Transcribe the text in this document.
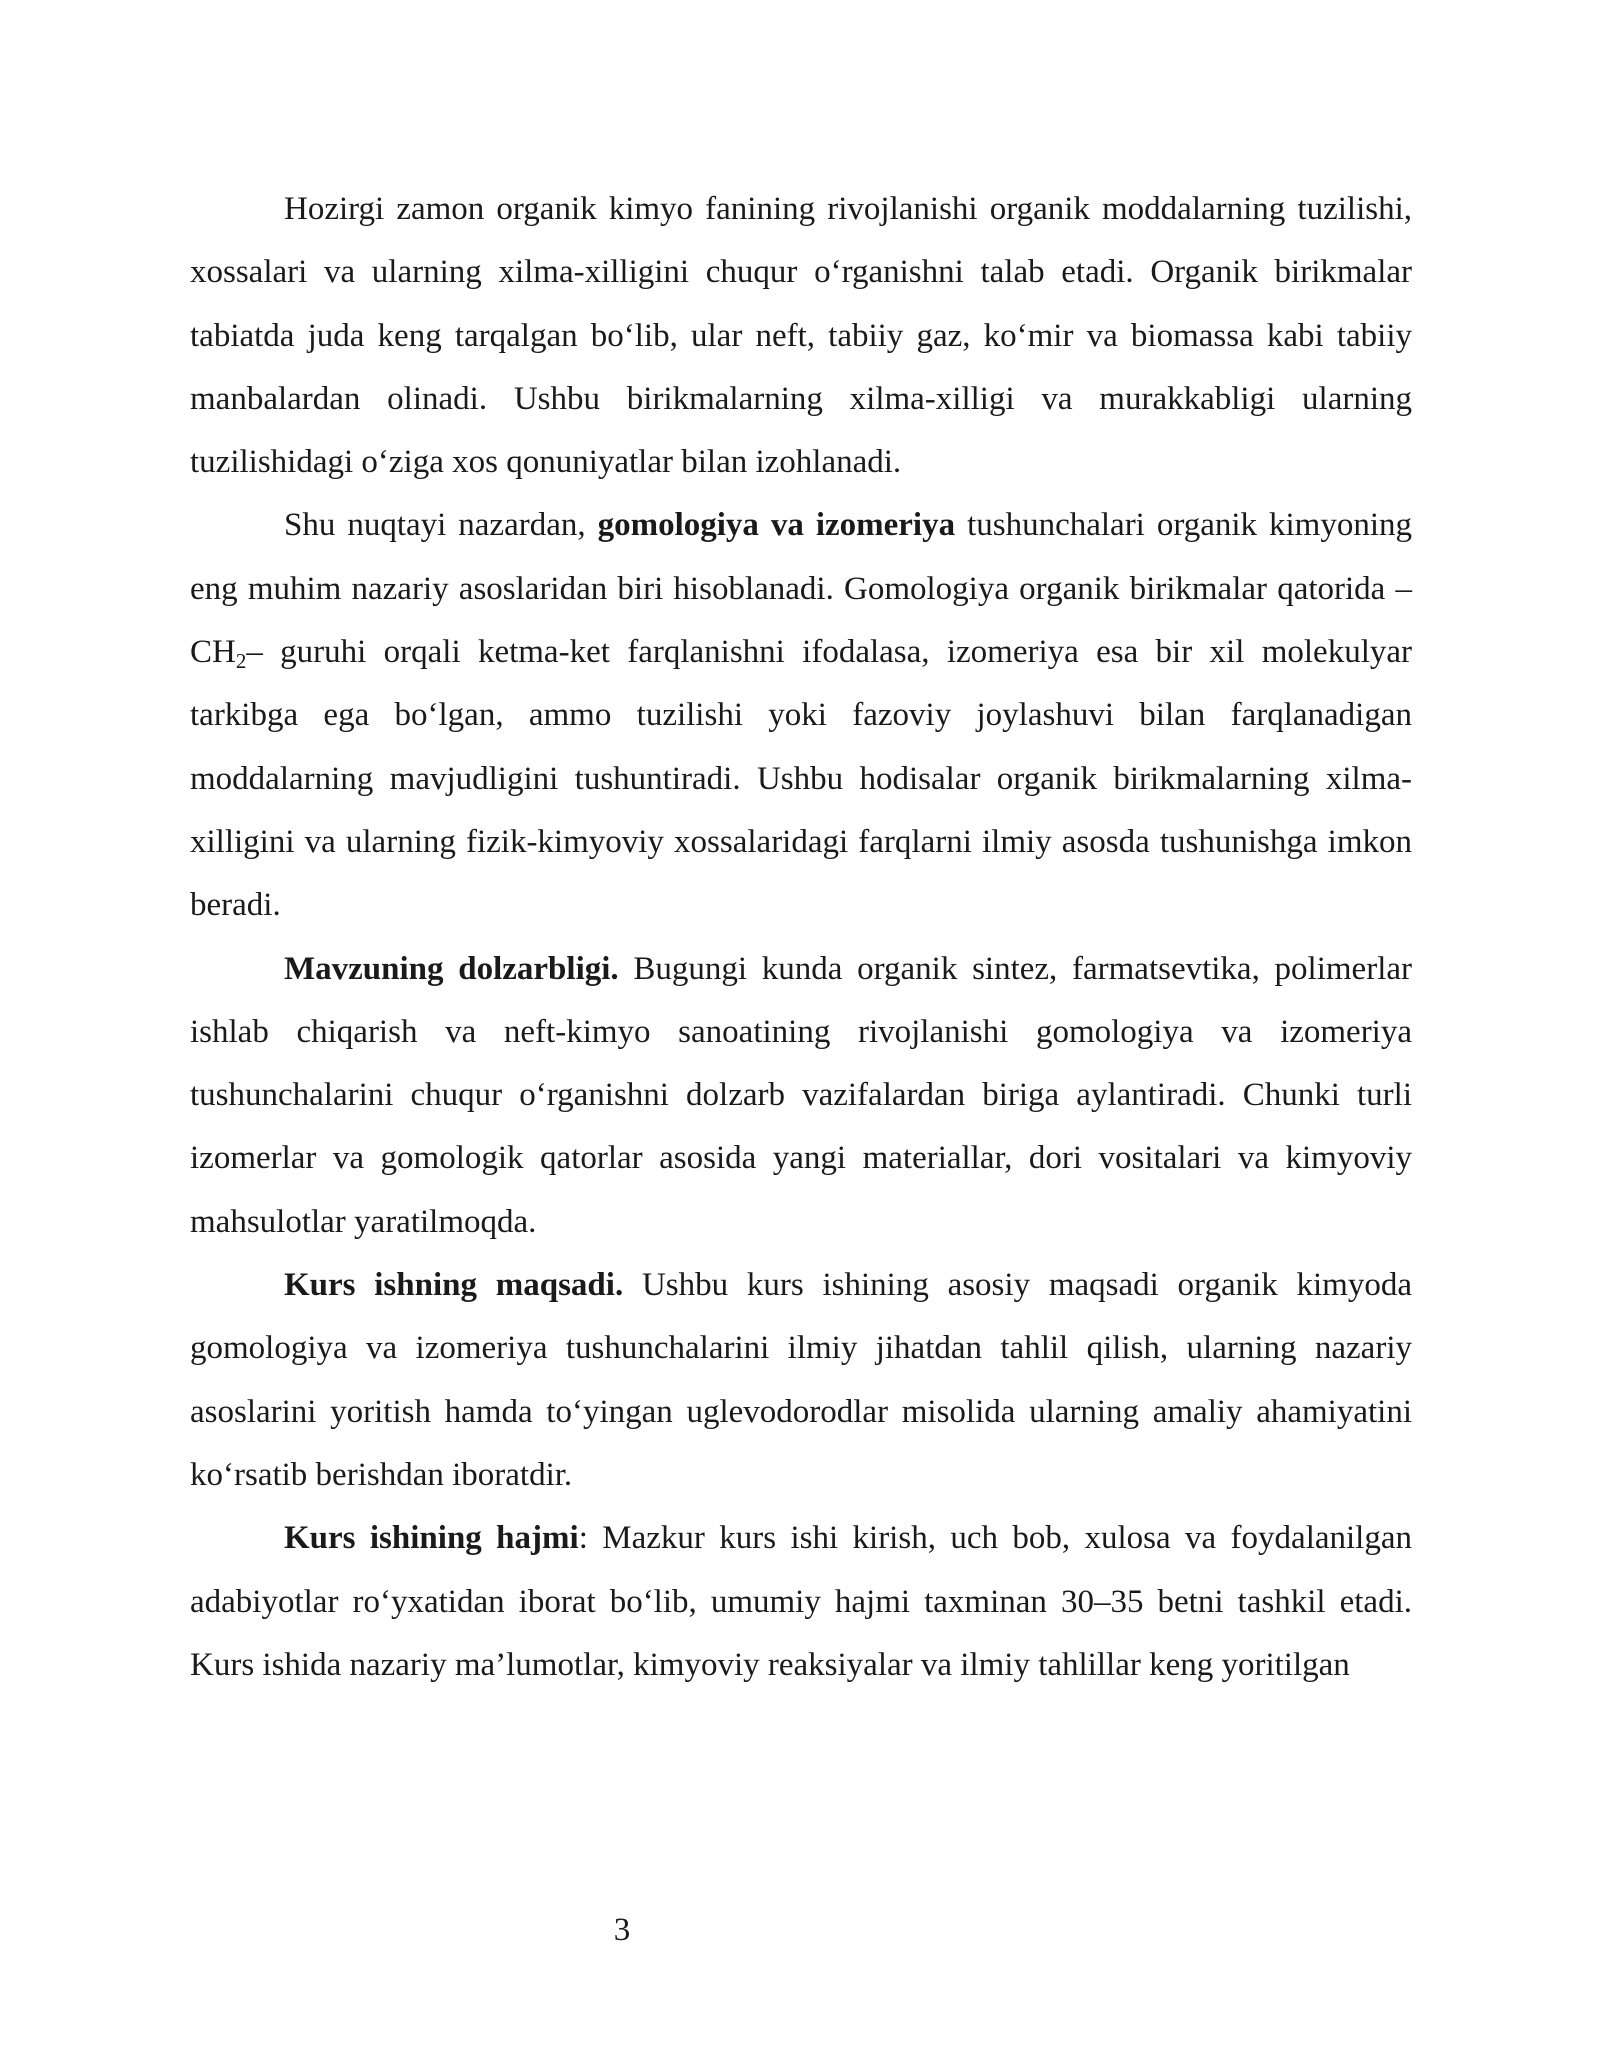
Hozirgi zamon organik kimyo fanining rivojlanishi organik moddalarning tuzilishi, xossalari va ularning xilma-xilligini chuqur o‘rganishni talab etadi. Organik birikmalar tabiatda juda keng tarqalgan bo‘lib, ular neft, tabiiy gaz, ko‘mir va biomassa kabi tabiiy manbalardan olinadi. Ushbu birikmalarning xilma-xilligi va murakkabligi ularning tuzilishidagi o‘ziga xos qonuniyatlar bilan izohlanadi.

Shu nuqtayi nazardan, gomologiya va izomeriya tushunchalari organik kimyoning eng muhim nazariy asoslaridan biri hisoblanadi. Gomologiya organik birikmalar qatorida $-CH_2-$ guruhi orqali ketma-ket farqlanishni ifodalasa, izomeriya esa bir xil molekulyar tarkibga ega bo‘lgan, ammo tuzilishi yoki fazoviy joylashuvi bilan farqlanadigan moddalarning mavjudligini tushuntiradi. Ushbu hodisalar organik birikmalarning xilma-xilligini va ularning fizik-kimyoviy xossalaridagi farqlarni ilmiy asosda tushunishga imkon beradi.

Mavzuning dolzarbligi. Bugungi kunda organik sintez, farmatsevtika, polimerlar ishlab chiqarish va neft-kimyo sanoatining rivojlanishi gomologiya va izomeriya tushunchalarini chuqur o‘rganishni dolzarb vazifalardan biriga aylantiradi. Chunki turli izomerlar va gomologik qatorlar asosida yangi materiallar, dori vositalari va kimyoviy mahsulotlar yaratilmoqda.

Kurs ishning maqsadi. Ushbu kurs ishining asosiy maqsadi organik kimyoda gomologiya va izomeriya tushunchalarini ilmiy jihatdan tahlil qilish, ularning nazariy asoslarini yoritish hamda to‘yingan uglevodorodlar misolida ularning amaliy ahamiyatini ko‘rsatib berishdan iboratdir.

Kurs ishining hajmi: Mazkur kurs ishi kirish, uch bob, xulosa va foydalanilgan adabiyotlar ro‘yxatidan iborat bo‘lib, umumiy hajmi taxminan 30–35 betni tashkil etadi. Kurs ishida nazariy ma’lumotlar, kimyoviy reaksiyalar va ilmiy tahlillar keng yoritilgan

3
